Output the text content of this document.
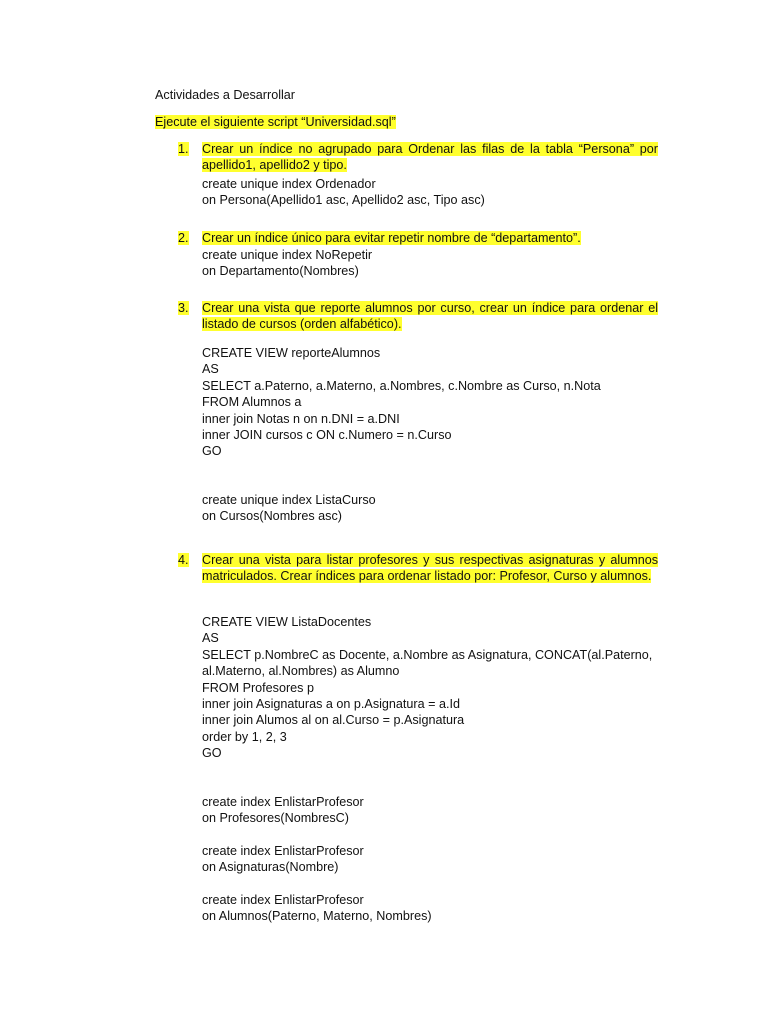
Actividades a Desarrollar
Ejecute el siguiente script “Universidad.sql”
1. Crear un índice no agrupado para Ordenar las filas de la tabla “Persona” por apellido1, apellido2 y tipo.
create unique index Ordenador
on Persona(Apellido1 asc, Apellido2 asc, Tipo asc)
2. Crear un índice único para evitar repetir nombre de “departamento”.
create unique index NoRepetir
on Departamento(Nombres)
3. Crear una vista que reporte alumnos por curso, crear un índice para ordenar el listado de cursos (orden alfabético).
CREATE VIEW reporteAlumnos
AS
SELECT a.Paterno, a.Materno, a.Nombres, c.Nombre as Curso, n.Nota
FROM Alumnos a
inner join Notas n on n.DNI = a.DNI
inner JOIN cursos c ON c.Numero = n.Curso
GO
create unique index ListaCurso
on Cursos(Nombres asc)
4. Crear una vista para listar profesores y sus respectivas asignaturas y alumnos matriculados. Crear índices para ordenar listado por: Profesor, Curso y alumnos.
CREATE VIEW ListaDocentes
AS
SELECT p.NombreC as Docente, a.Nombre as Asignatura, CONCAT(al.Paterno,
al.Materno, al.Nombres) as Alumno
FROM Profesores p
inner join Asignaturas a on p.Asignatura = a.Id
inner join Alumos al on al.Curso = p.Asignatura
order by 1, 2, 3
GO
create index EnlistarProfesor
on Profesores(NombresC)
create index EnlistarProfesor
on Asignaturas(Nombre)
create index EnlistarProfesor
on Alumnos(Paterno, Materno, Nombres)
